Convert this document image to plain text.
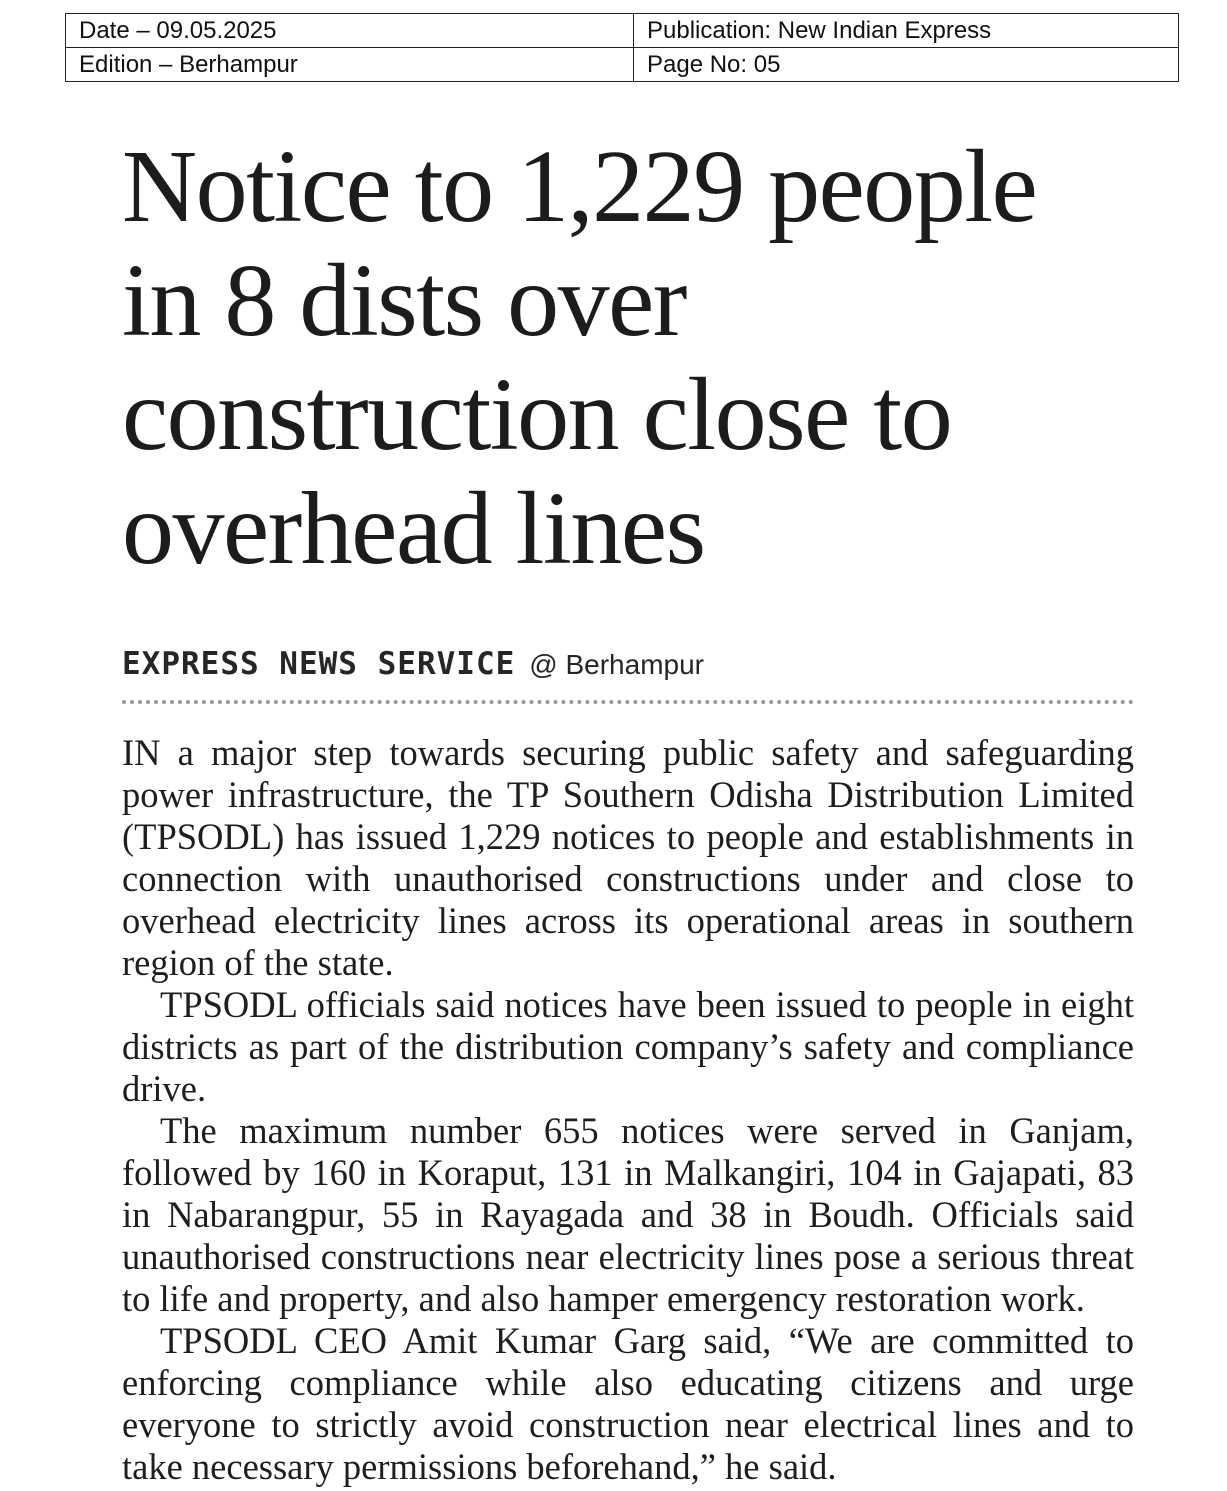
Date – 09.05.2025	Publication: New Indian Express
Edition – Berhampur	Page No: 05
Notice to 1,229 people in 8 dists over construction close to overhead lines
EXPRESS NEWS SERVICE @ Berhampur

IN a major step towards securing public safety and safeguarding power infrastructure, the TP Southern Odisha Distribution Limited (TPSODL) has issued 1,229 notices to people and establishments in connection with unauthorised constructions under and close to overhead electricity lines across its operational areas in southern region of the state.

TPSODL officials said notices have been issued to people in eight districts as part of the distribution company’s safety and compliance drive.

The maximum number 655 notices were served in Ganjam, followed by 160 in Koraput, 131 in Malkangiri, 104 in Gajapati, 83 in Nabarangpur, 55 in Rayagada and 38 in Boudh. Officials said unauthorised constructions near electricity lines pose a serious threat to life and property, and also hamper emergency restoration work.

TPSODL CEO Amit Kumar Garg said, “We are committed to enforcing compliance while also educating citizens and urge everyone to strictly avoid construction near electrical lines and to take necessary permissions beforehand,” he said.
